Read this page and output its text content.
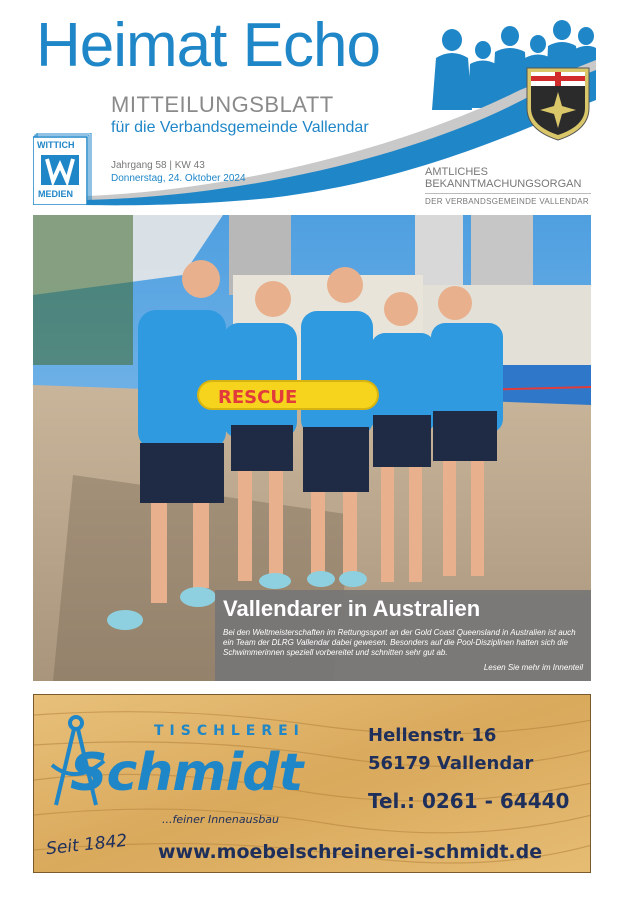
Heimat Echo
MITTEILUNGSBLATT
für die Verbandsgemeinde Vallendar
Jahrgang 58 | KW 43
Donnerstag, 24. Oktober 2024
AMTLICHES
BEKANNTMACHUNGSORGAN
DER VERBANDSGEMEINDE VALLENDAR
WITTICH
MEDIEN
RESCUE
Vallendarer in Australien
Bei den Weltmeisterschaften im Rettungssport an der Gold Coast Queensland in Australien ist auch ein Team der DLRG Vallendar dabei gewesen. Besonders auf die Pool-Disziplinen hatten sich die Schwimmerinnen speziell vorbereitet und schnitten sehr gut ab.
Lesen Sie mehr im Innenteil
TISCHLEREI
Schmidt
...feiner Innenausbau
Seit 1842
Hellenstr. 16
56179 Vallendar
Tel.: 0261 - 64440
www.moebelschreinerei-schmidt.de
